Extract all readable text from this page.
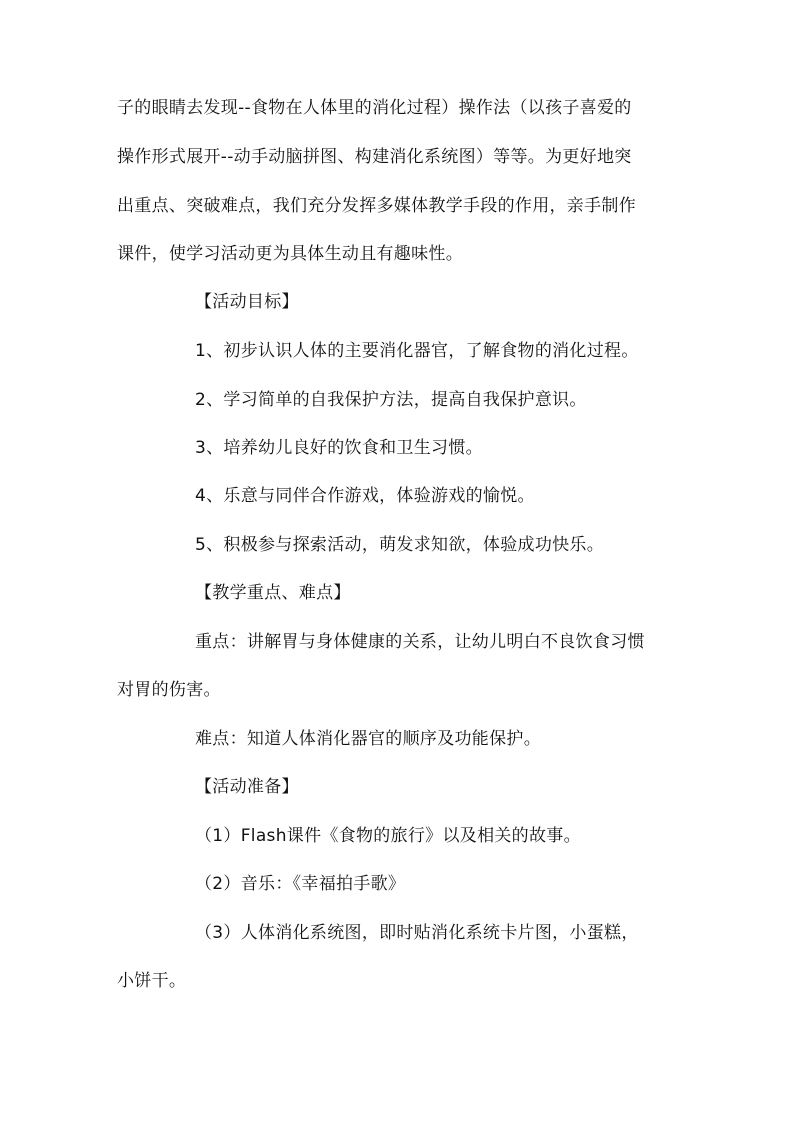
子的眼睛去发现--食物在人体里的消化过程）操作法（以孩子喜爱的
操作形式展开--动手动脑拼图、构建消化系统图）等等。为更好地突
出重点、突破难点，我们充分发挥多媒体教学手段的作用，亲手制作
课件，使学习活动更为具体生动且有趣味性。
【活动目标】
1、初步认识人体的主要消化器官，了解食物的消化过程。
2、学习简单的自我保护方法，提高自我保护意识。
3、培养幼儿良好的饮食和卫生习惯。
4、乐意与同伴合作游戏，体验游戏的愉悦。
5、积极参与探索活动，萌发求知欲，体验成功快乐。
【教学重点、难点】
重点：讲解胃与身体健康的关系，让幼儿明白不良饮食习惯
对胃的伤害。
难点：知道人体消化器官的顺序及功能保护。
【活动准备】
（1）Flash课件《食物的旅行》以及相关的故事。
（2）音乐：《幸福拍手歌》
（3）人体消化系统图，即时贴消化系统卡片图，小蛋糕，
小饼干。
